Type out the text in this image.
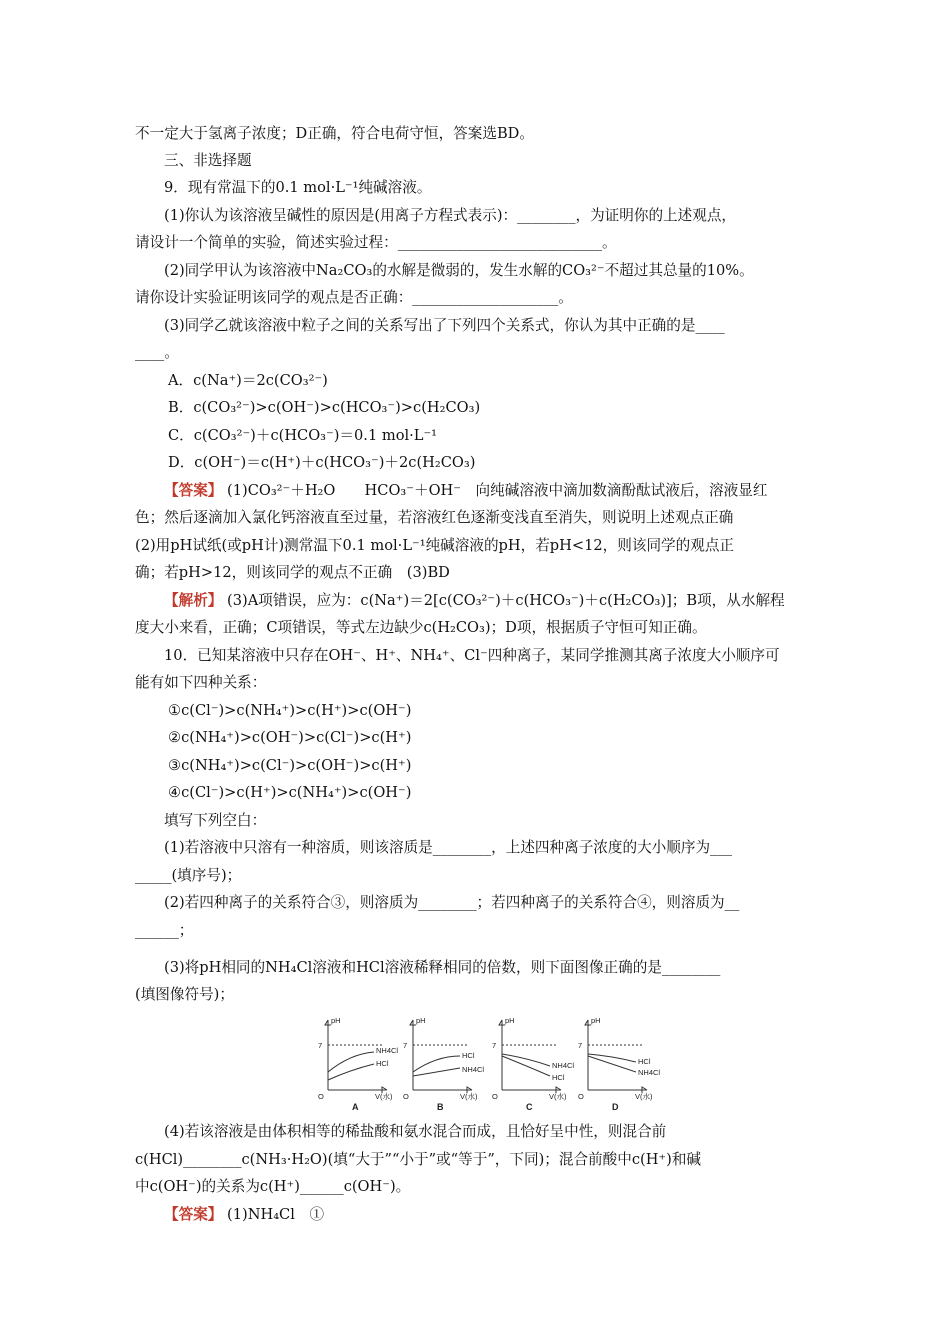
不一定大于氢离子浓度；D正确，符合电荷守恒，答案选BD。
三、非选择题
9．现有常温下的0.1 mol·L⁻¹纯碱溶液。
(1)你认为该溶液呈碱性的原因是(用离子方程式表示)：________，为证明你的上述观点，
请设计一个简单的实验，简述实验过程：____________________________。
(2)同学甲认为该溶液中Na₂CO₃的水解是微弱的，发生水解的CO₃²⁻不超过其总量的10%。
请你设计实验证明该同学的观点是否正确：____________________。
(3)同学乙就该溶液中粒子之间的关系写出了下列四个关系式，你认为其中正确的是____
____。
A．c(Na⁺)＝2c(CO₃²⁻)
B．c(CO₃²⁻)>c(OH⁻)>c(HCO₃⁻)>c(H₂CO₃)
C．c(CO₃²⁻)＋c(HCO₃⁻)＝0.1 mol·L⁻¹
D．c(OH⁻)＝c(H⁺)＋c(HCO₃⁻)＋2c(H₂CO₃)
【答案】 (1)CO₃²⁻＋H₂O　　HCO₃⁻＋OH⁻　向纯碱溶液中滴加数滴酚酞试液后，溶液显红
色；然后逐滴加入氯化钙溶液直至过量，若溶液红色逐渐变浅直至消失，则说明上述观点正确
(2)用pH试纸(或pH计)测常温下0.1 mol·L⁻¹纯碱溶液的pH，若pH<12，则该同学的观点正
确；若pH>12，则该同学的观点不正确　(3)BD
【解析】 (3)A项错误，应为：c(Na⁺)＝2[c(CO₃²⁻)＋c(HCO₃⁻)＋c(H₂CO₃)]；B项，从水解程
度大小来看，正确；C项错误，等式左边缺少c(H₂CO₃)；D项，根据质子守恒可知正确。
10．已知某溶液中只存在OH⁻、H⁺、NH₄⁺、Cl⁻四种离子，某同学推测其离子浓度大小顺序可
能有如下四种关系：
①c(Cl⁻)>c(NH₄⁺)>c(H⁺)>c(OH⁻)
②c(NH₄⁺)>c(OH⁻)>c(Cl⁻)>c(H⁺)
③c(NH₄⁺)>c(Cl⁻)>c(OH⁻)>c(H⁺)
④c(Cl⁻)>c(H⁺)>c(NH₄⁺)>c(OH⁻)
填写下列空白：
(1)若溶液中只溶有一种溶质，则该溶质是________，上述四种离子浓度的大小顺序为___
_____(填序号)；
(2)若四种离子的关系符合③，则溶质为________；若四种离子的关系符合④，则溶质为__
______；
(3)将pH相同的NH₄Cl溶液和HCl溶液稀释相同的倍数，则下面图像正确的是________
(填图像符号)；
pH
7
O	V(水)
NH4Cl
HCl
pH
7
O	V(水)
HCl
NH4Cl
pH
7
O	V(水)
NH4Cl
HCl
pH
7
O	V(水)
HCl
NH4Cl
A	B	C	D
(4)若该溶液是由体积相等的稀盐酸和氨水混合而成，且恰好呈中性，则混合前
c(HCl)________c(NH₃·H₂O)(填“大于”“小于”或“等于”，下同)；混合前酸中c(H⁺)和碱
中c(OH⁻)的关系为c(H⁺)______c(OH⁻)。
【答案】 (1)NH₄Cl　①
